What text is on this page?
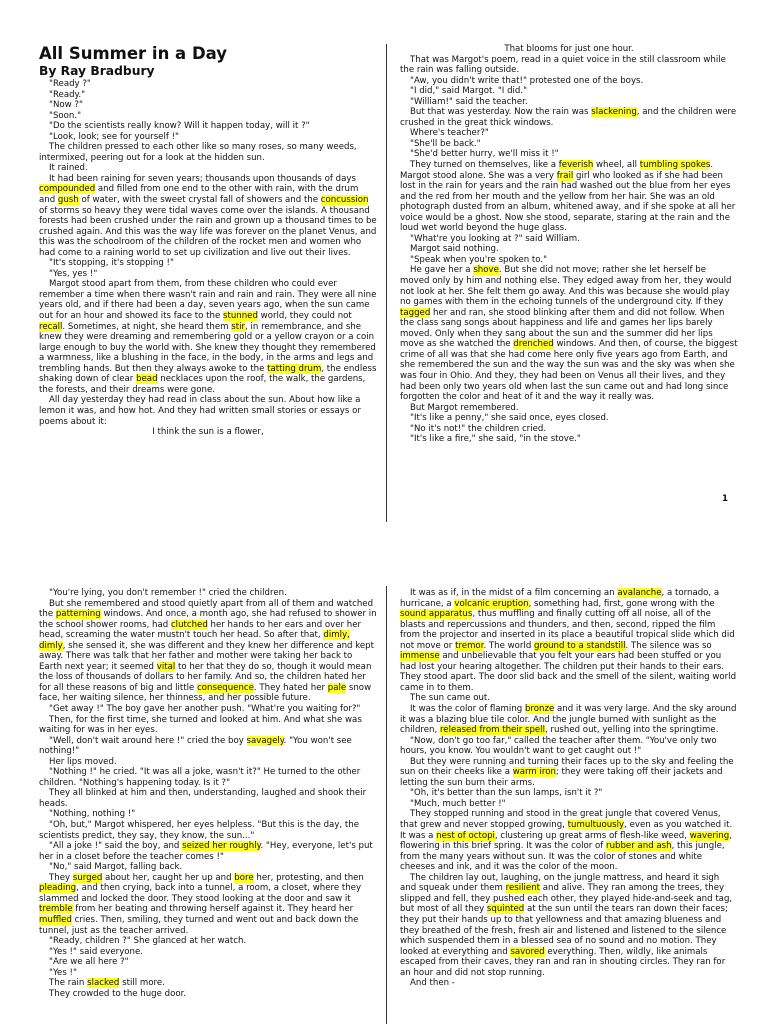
All Summer in a Day

By Ray Bradbury

"Ready ?"

"Ready."

"Now ?"

"Soon."

"Do the scientists really know? Will it happen today, will it ?"

"Look, look; see for yourself !"

The children pressed to each other like so many roses, so many weeds, intermixed, peering out for a look at the hidden sun.

It rained.

It had been raining for seven years; thousands upon thousands of days compounded and filled from one end to the other with rain, with the drum and gush of water, with the sweet crystal fall of showers and the concussion of storms so heavy they were tidal waves come over the islands. A thousand forests had been crushed under the rain and grown up a thousand times to be crushed again. And this was the way life was forever on the planet Venus, and this was the schoolroom of the children of the rocket men and women who had come to a raining world to set up civilization and live out their lives.

"It's stopping, it's stopping !"

"Yes, yes !"

Margot stood apart from them, from these children who could ever remember a time when there wasn't rain and rain and rain. They were all nine years old, and if there had been a day, seven years ago, when the sun came out for an hour and showed its face to the stunned world, they could not recall. Sometimes, at night, she heard them stir, in remembrance, and she knew they were dreaming and remembering gold or a yellow crayon or a coin large enough to buy the world with. She knew they thought they remembered a warmness, like a blushing in the face, in the body, in the arms and legs and trembling hands. But then they always awoke to the tatting drum, the endless shaking down of clear bead necklaces upon the roof, the walk, the gardens, the forests, and their dreams were gone.

All day yesterday they had read in class about the sun. About how like a lemon it was, and how hot. And they had written small stories or essays or poems about it:

I think the sun is a flower,

That blooms for just one hour.

That was Margot's poem, read in a quiet voice in the still classroom while the rain was falling outside.

"Aw, you didn't write that!" protested one of the boys.

"I did," said Margot. "I did."

"William!" said the teacher.

But that was yesterday. Now the rain was slackening, and the children were crushed in the great thick windows.

Where's teacher?"

"She'll be back."

"She'd better hurry, we'll miss it !"

They turned on themselves, like a feverish wheel, all tumbling spokes. Margot stood alone. She was a very frail girl who looked as if she had been lost in the rain for years and the rain had washed out the blue from her eyes and the red from her mouth and the yellow from her hair. She was an old photograph dusted from an album, whitened away, and if she spoke at all her voice would be a ghost. Now she stood, separate, staring at the rain and the loud wet world beyond the huge glass.

"What're you looking at ?" said William.

Margot said nothing.

"Speak when you're spoken to."

He gave her a shove. But she did not move; rather she let herself be moved only by him and nothing else. They edged away from her, they would not look at her. She felt them go away. And this was because she would play no games with them in the echoing tunnels of the underground city. If they tagged her and ran, she stood blinking after them and did not follow. When the class sang songs about happiness and life and games her lips barely moved. Only when they sang about the sun and the summer did her lips move as she watched the drenched windows. And then, of course, the biggest crime of all was that she had come here only five years ago from Earth, and she remembered the sun and the way the sun was and the sky was when she was four in Ohio. And they, they had been on Venus all their lives, and they had been only two years old when last the sun came out and had long since forgotten the color and heat of it and the way it really was.

But Margot remembered.

"It's like a penny," she said once, eyes closed.

"No it's not!" the children cried.

"It's like a fire," she said, "in the stove."

1

"You're lying, you don't remember !" cried the children.

But she remembered and stood quietly apart from all of them and watched the patterning windows. And once, a month ago, she had refused to shower in the school shower rooms, had clutched her hands to her ears and over her head, screaming the water mustn't touch her head. So after that, dimly, dimly, she sensed it, she was different and they knew her difference and kept away. There was talk that her father and mother were taking her back to Earth next year; it seemed vital to her that they do so, though it would mean the loss of thousands of dollars to her family. And so, the children hated her for all these reasons of big and little consequence. They hated her pale snow face, her waiting silence, her thinness, and her possible future.

"Get away !" The boy gave her another push. "What're you waiting for?"

Then, for the first time, she turned and looked at him. And what she was waiting for was in her eyes.

"Well, don't wait around here !" cried the boy savagely. "You won't see nothing!"

Her lips moved.

"Nothing !" he cried. "It was all a joke, wasn't it?" He turned to the other children. "Nothing's happening today. Is it ?"

They all blinked at him and then, understanding, laughed and shook their heads.

"Nothing, nothing !"

"Oh, but," Margot whispered, her eyes helpless. "But this is the day, the scientists predict, they say, they know, the sun..."

"All a joke !" said the boy, and seized her roughly. "Hey, everyone, let's put her in a closet before the teacher comes !"

"No," said Margot, falling back.

They surged about her, caught her up and bore her, protesting, and then pleading, and then crying, back into a tunnel, a room, a closet, where they slammed and locked the door. They stood looking at the door and saw it tremble from her beating and throwing herself against it. They heard her muffled cries. Then, smiling, they turned and went out and back down the tunnel, just as the teacher arrived.

"Ready, children ?" She glanced at her watch.

"Yes !" said everyone.

"Are we all here ?"

"Yes !"

The rain slacked still more.

They crowded to the huge door.

It was as if, in the midst of a film concerning an avalanche, a tornado, a hurricane, a volcanic eruption, something had, first, gone wrong with the sound apparatus, thus muffling and finally cutting off all noise, all of the blasts and repercussions and thunders, and then, second, ripped the film from the projector and inserted in its place a beautiful tropical slide which did not move or tremor. The world ground to a standstill. The silence was so immense and unbelievable that you felt your ears had been stuffed or you had lost your hearing altogether. The children put their hands to their ears. They stood apart. The door slid back and the smell of the silent, waiting world came in to them.

The sun came out.

It was the color of flaming bronze and it was very large. And the sky around it was a blazing blue tile color. And the jungle burned with sunlight as the children, released from their spell, rushed out, yelling into the springtime.

"Now, don't go too far," called the teacher after them. "You've only two hours, you know. You wouldn't want to get caught out !"

But they were running and turning their faces up to the sky and feeling the sun on their cheeks like a warm iron; they were taking off their jackets and letting the sun burn their arms.

"Oh, it's better than the sun lamps, isn't it ?"

"Much, much better !"

They stopped running and stood in the great jungle that covered Venus, that grew and never stopped growing, tumultuously, even as you watched it. It was a nest of octopi, clustering up great arms of flesh-like weed, wavering, flowering in this brief spring. It was the color of rubber and ash, this jungle, from the many years without sun. It was the color of stones and white cheeses and ink, and it was the color of the moon.

The children lay out, laughing, on the jungle mattress, and heard it sigh and squeak under them resilient and alive. They ran among the trees, they slipped and fell, they pushed each other, they played hide-and-seek and tag, but most of all they squinted at the sun until the tears ran down their faces; they put their hands up to that yellowness and that amazing blueness and they breathed of the fresh, fresh air and listened and listened to the silence which suspended them in a blessed sea of no sound and no motion. They looked at everything and savored everything. Then, wildly, like animals escaped from their caves, they ran and ran in shouting circles. They ran for an hour and did not stop running.

And then -
